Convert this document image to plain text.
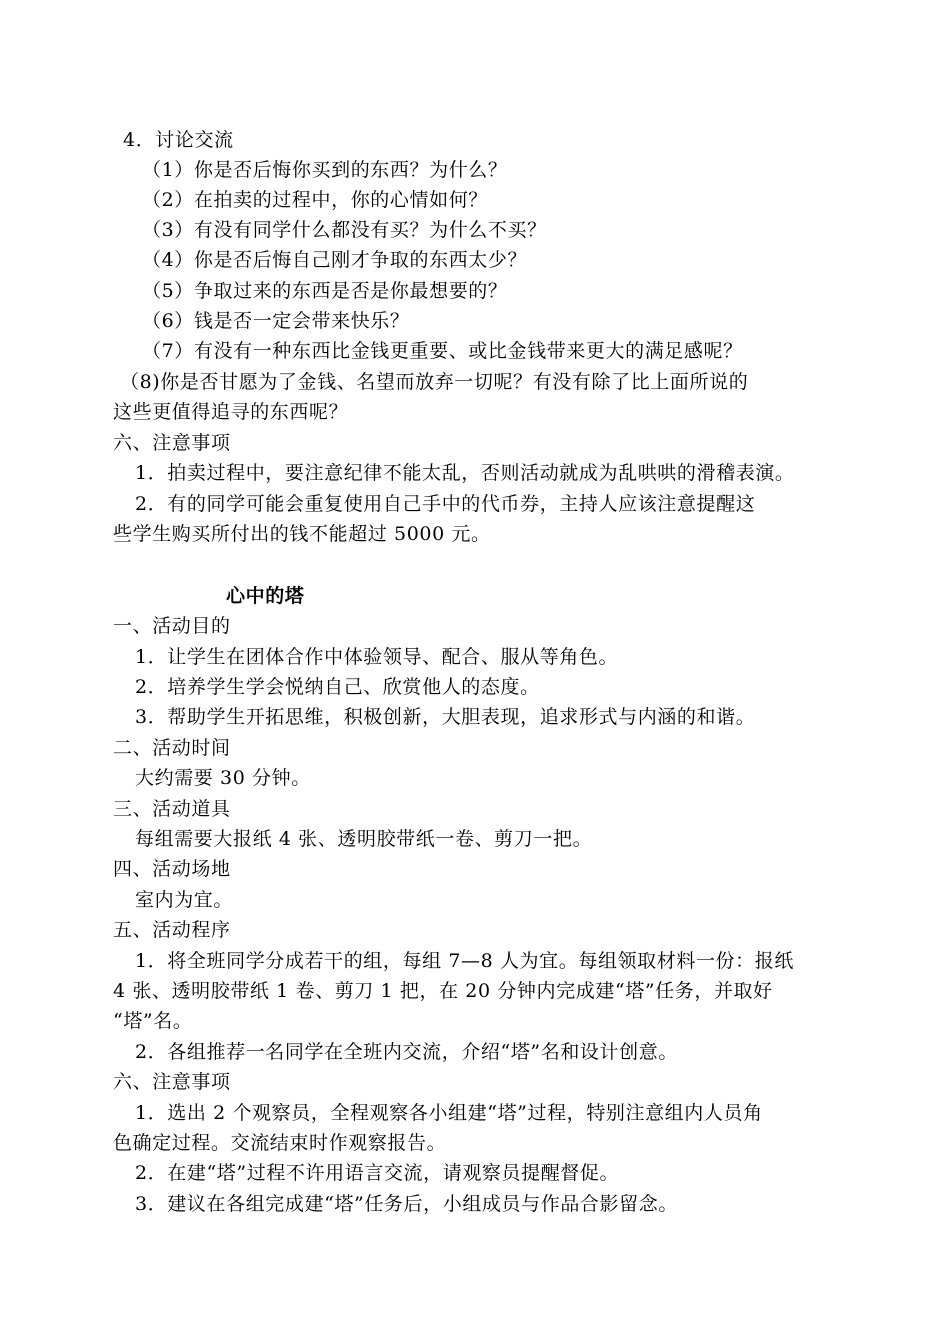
4．讨论交流
（1）你是否后悔你买到的东西？为什么？
（2）在拍卖的过程中，你的心情如何？
（3）有没有同学什么都没有买？为什么不买？
（4）你是否后悔自己刚才争取的东西太少？
（5）争取过来的东西是否是你最想要的？
（6）钱是否一定会带来快乐？
（7）有没有一种东西比金钱更重要、或比金钱带来更大的满足感呢？
（8)你是否甘愿为了金钱、名望而放弃一切呢？有没有除了比上面所说的
这些更值得追寻的东西呢？
六、注意事项
1．拍卖过程中，要注意纪律不能太乱，否则活动就成为乱哄哄的滑稽表演。
2．有的同学可能会重复使用自己手中的代币券，主持人应该注意提醒这
些学生购买所付出的钱不能超过 5000 元。
心中的塔
一、活动目的
1．让学生在团体合作中体验领导、配合、服从等角色。
2．培养学生学会悦纳自己、欣赏他人的态度。
3．帮助学生开拓思维，积极创新，大胆表现，追求形式与内涵的和谐。
二、活动时间
大约需要 30 分钟。
三、活动道具
每组需要大报纸 4 张、透明胶带纸一卷、剪刀一把。
四、活动场地
室内为宜。
五、活动程序
1．将全班同学分成若干的组，每组 7—8 人为宜。每组领取材料一份：报纸
4 张、透明胶带纸 1 卷、剪刀 1 把，在 20 分钟内完成建“塔”任务，并取好
“塔”名。
2．各组推荐一名同学在全班内交流，介绍“塔”名和设计创意。
六、注意事项
1．选出 2 个观察员，全程观察各小组建“塔”过程，特别注意组内人员角
色确定过程。交流结束时作观察报告。
2．在建“塔”过程不许用语言交流，请观察员提醒督促。
3．建议在各组完成建“塔”任务后，小组成员与作品合影留念。
